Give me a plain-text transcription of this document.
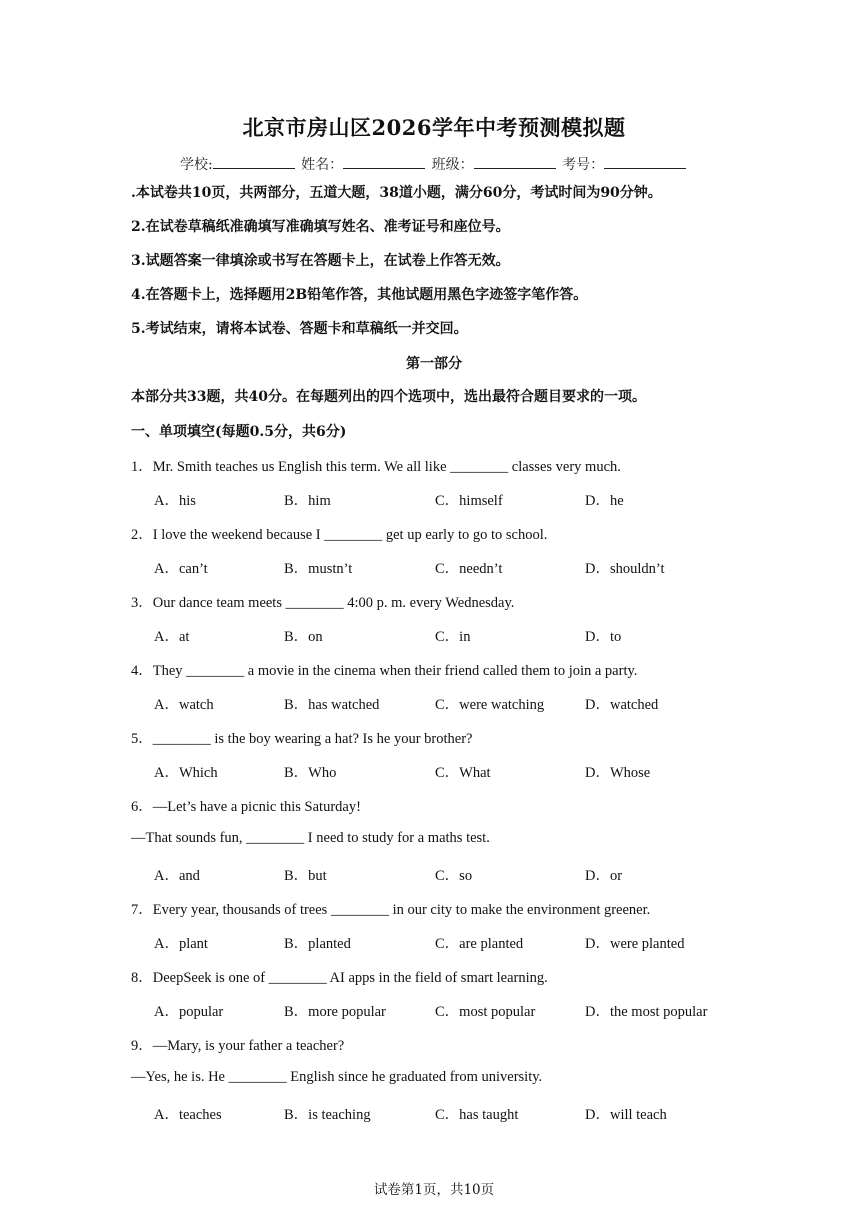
北京市房山区2026学年中考预测模拟题
学校:	姓名：	班级：	考号：
.本试卷共10页，共两部分，五道大题，38道小题，满分60分，考试时间为90分钟。
2.在试卷草稿纸准确填写准确填写姓名、准考证号和座位号。
3.试题答案一律填涂或书写在答题卡上，在试卷上作答无效。
4.在答题卡上，选择题用2B铅笔作答，其他试题用黑色字迹签字笔作答。
5.考试结束，请将本试卷、答题卡和草稿纸一并交回。
第一部分
本部分共33题，共40分。在每题列出的四个选项中，选出最符合题目要求的一项。
一、单项填空(每题0.5分，共6分)
1．Mr. Smith teaches us English this term. We all like ________ classes very much.
A．his	B．him	C．himself	D．he
2．I love the weekend because I ________ get up early to go to school.
A．can’t	B．mustn’t	C．needn’t	D．shouldn’t
3．Our dance team meets ________ 4:00 p. m. every Wednesday.
A．at	B．on	C．in	D．to
4．They ________ a movie in the cinema when their friend called them to join a party.
A．watch	B．has watched	C．were watching	D．watched
5．________ is the boy wearing a hat? Is he your brother?
A．Which	B．Who	C．What	D．Whose
6．—Let’s have a picnic this Saturday!
—That sounds fun, ________ I need to study for a maths test.
A．and	B．but	C．so	D．or
7．Every year, thousands of trees ________ in our city to make the environment greener.
A．plant	B．planted	C．are planted	D．were planted
8．DeepSeek is one of ________ AI apps in the field of smart learning.
A．popular	B．more popular	C．most popular	D．the most popular
9．—Mary, is your father a teacher?
—Yes, he is. He ________ English since he graduated from university.
A．teaches	B．is teaching	C．has taught	D．will teach
试卷第1页，共10页
